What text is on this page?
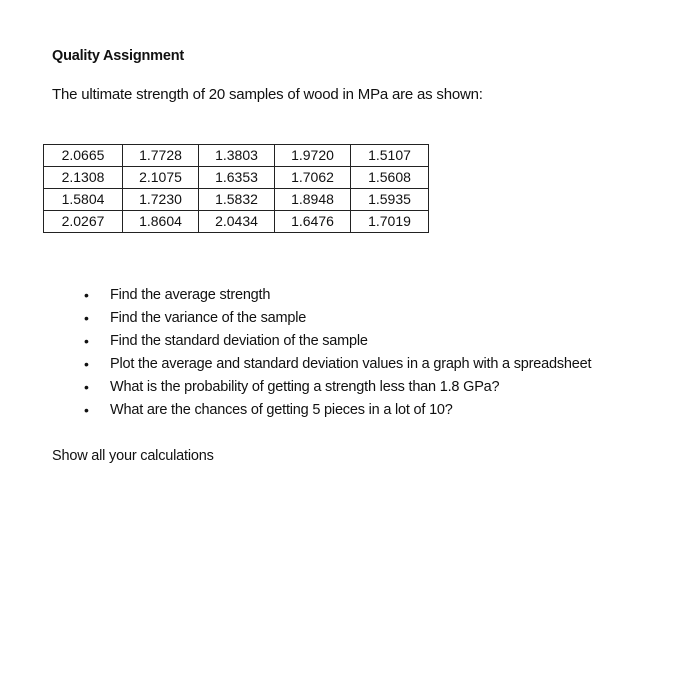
Quality Assignment
The ultimate strength of 20 samples of wood in MPa are as shown:
2.0665	1.7728	1.3803	1.9720	1.5107
2.1308	2.1075	1.6353	1.7062	1.5608
1.5804	1.7230	1.5832	1.8948	1.5935
2.0267	1.8604	2.0434	1.6476	1.7019
• Find the average strength
• Find the variance of the sample
• Find the standard deviation of the sample
• Plot the average and standard deviation values in a graph with a spreadsheet
• What is the probability of getting a strength less than 1.8 GPa?
• What are the chances of getting 5 pieces in a lot of 10?
Show all your calculations
